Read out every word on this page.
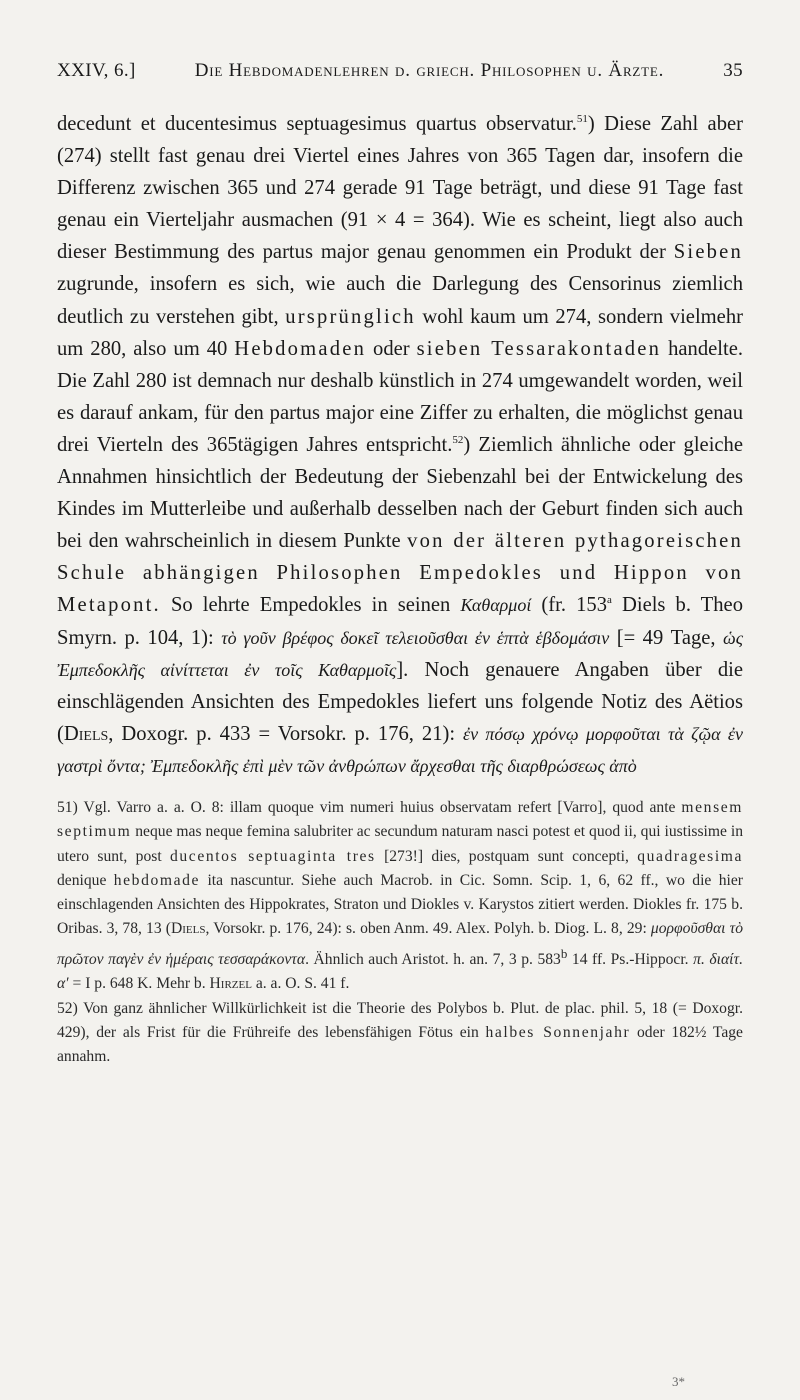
XXIV, 6.]	Die Hebdomadenlehren d. griech. Philosophen u. Ärzte.	35

decedunt et ducentesimus septuagesimus quartus observatur.$^{51}$) Diese Zahl aber (274) stellt fast genau drei Viertel eines Jahres von 365 Tagen dar, insofern die Differenz zwischen 365 und 274 gerade 91 Tage beträgt, und diese 91 Tage fast genau ein Vierteljahr ausmachen (91 × 4 = 364). Wie es scheint, liegt also auch dieser Bestimmung des partus major genau genommen ein Produkt der Sieben zugrunde, insofern es sich, wie auch die Darlegung des Censorinus ziemlich deutlich zu verstehen gibt, ursprünglich wohl kaum um 274, sondern vielmehr um 280, also um 40 Hebdomaden oder sieben Tessarakontaden handelte. Die Zahl 280 ist demnach nur deshalb künstlich in 274 umgewandelt worden, weil es darauf ankam, für den partus major eine Ziffer zu erhalten, die möglichst genau drei Vierteln des 365tägigen Jahres entspricht.$^{52}$) Ziemlich ähnliche oder gleiche Annahmen hinsichtlich der Bedeutung der Siebenzahl bei der Entwickelung des Kindes im Mutterleibe und außerhalb desselben nach der Geburt finden sich auch bei den wahrscheinlich in diesem Punkte von der älteren pythagoreischen Schule abhängigen Philosophen Empedokles und Hippon von Metapont. So lehrte Empedokles in seinen Καθαρμοί (fr. 153$^a$ Diels b. Theo Smyrn. p. 104, 1): τὸ γοῦν βρέφος δοκεῖ τελειοῦσθαι ἐν ἑπτὰ ἑβδομάσιν [= 49 Tage, ὡς Ἐμπεδοκλῆς αἰνίττεται ἐν τοῖς Καθαρμοῖς]. Noch genauere Angaben über die einschlägenden Ansichten des Empedokles liefert uns folgende Notiz des Aëtios (Diels, Doxogr. p. 433 = Vorsokr. p. 176, 21): ἐν πόσῳ χρόνῳ μορφοῦται τὰ ζῷα ἐν γαστρὶ ὄντα; Ἐμπεδοκλῆς ἐπὶ μὲν τῶν ἀνθρώπων ἄρχεσθαι τῆς διαρθρώσεως ἀπὸ

51) Vgl. Varro a. a. O. 8: illam quoque vim numeri huius observatam refert [Varro], quod ante mensem septimum neque mas neque femina salubriter ac secundum naturam nasci potest et quod ii, qui iustissime in utero sunt, post ducentos septuaginta tres [273!] dies, postquam sunt concepti, quadragesima denique hebdomade ita nascuntur. Siehe auch Macrob. in Cic. Somn. Scip. 1, 6, 62 ff., wo die hier einschlagenden Ansichten des Hippokrates, Straton und Diokles v. Karystos zitiert werden. Diokles fr. 175 b. Oribas. 3, 78, 13 (Diels, Vorsokr. p. 176, 24): s. oben Anm. 49. Alex. Polyh. b. Diog. L. 8, 29: μορφοῦσθαι τὸ πρῶτον παγὲν ἐν ἡμέραις τεσσαράκοντα. Ähnlich auch Aristot. h. an. 7, 3 p. 583$^b$ 14 ff. Ps.-Hippocr. π. διαίτ. α′ = I p. 648 K. Mehr b. Hirzel a. a. O. S. 41 f.

52) Von ganz ähnlicher Willkürlichkeit ist die Theorie des Polybos b. Plut. de plac. phil. 5, 18 (= Doxogr. 429), der als Frist für die Frühreife des lebensfähigen Fötus ein halbes Sonnenjahr oder 182½ Tage annahm.

3*
